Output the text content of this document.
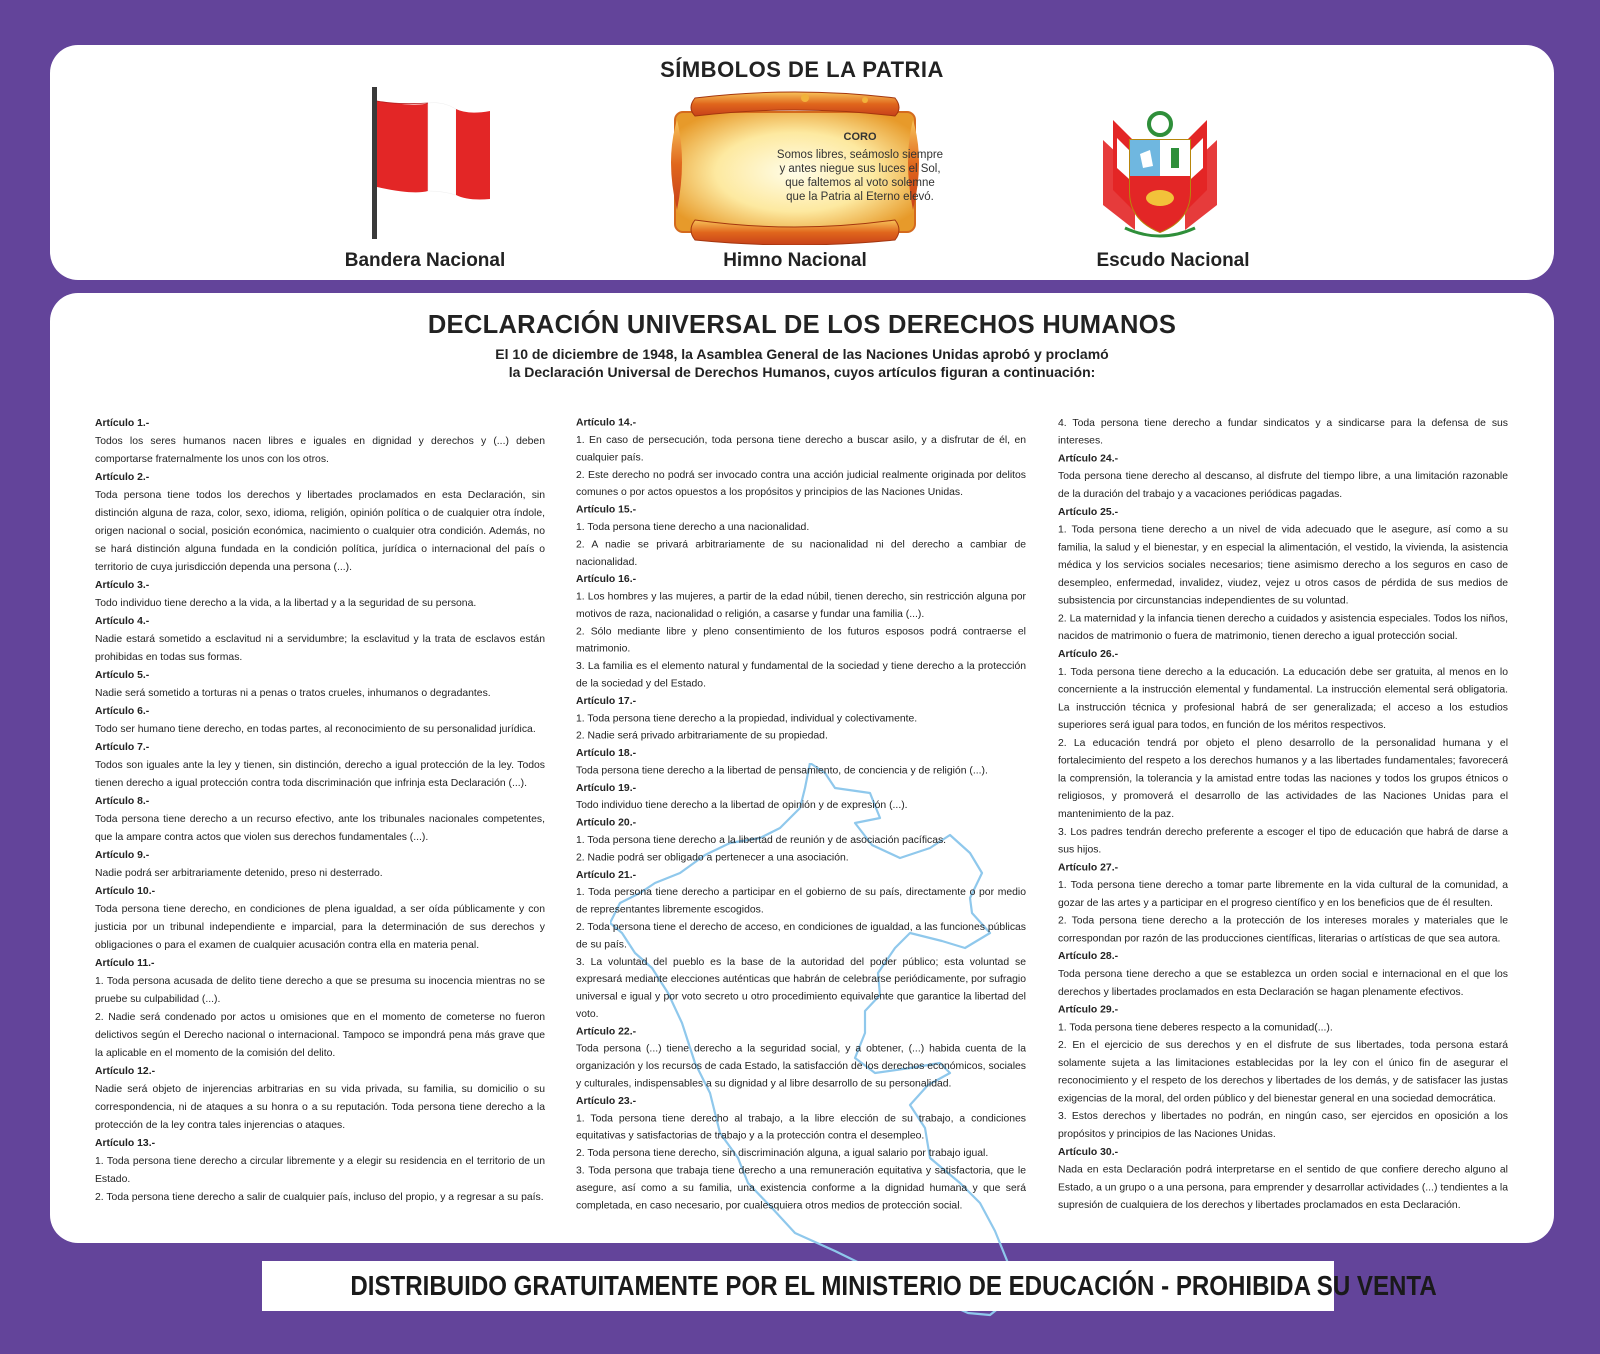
SÍMBOLOS DE LA PATRIA
CORO
Somos libres, seámoslo siempre
y antes niegue sus luces el Sol,
que faltemos al voto solemne
que la Patria al Eterno elevó.
Bandera Nacional	Himno Nacional	Escudo Nacional
DECLARACIÓN UNIVERSAL DE LOS DERECHOS HUMANOS
El 10 de diciembre de 1948, la Asamblea General de las Naciones Unidas aprobó y proclamó
la Declaración Universal de Derechos Humanos, cuyos artículos figuran a continuación:

Artículo 1.-

Todos los seres humanos nacen libres e iguales en dignidad y derechos y (...) deben comportarse fraternalmente los unos con los otros.

Artículo 2.-

Toda persona tiene todos los derechos y libertades proclamados en esta Declaración, sin distinción alguna de raza, color, sexo, idioma, religión, opinión política o de cualquier otra índole, origen nacional o social, posición económica, nacimiento o cualquier otra condición. Además, no se hará distinción alguna fundada en la condición política, jurídica o internacional del país o territorio de cuya jurisdicción dependa una persona (...).

Artículo 3.-

Todo individuo tiene derecho a la vida, a la libertad y a la seguridad de su persona.

Artículo 4.-

Nadie estará sometido a esclavitud ni a servidumbre; la esclavitud y la trata de esclavos están prohibidas en todas sus formas.

Artículo 5.-

Nadie será sometido a torturas ni a penas o tratos crueles, inhumanos o degradantes.

Artículo 6.-

Todo ser humano tiene derecho, en todas partes, al reconocimiento de su personalidad jurídica.

Artículo 7.-

Todos son iguales ante la ley y tienen, sin distinción, derecho a igual protección de la ley. Todos tienen derecho a igual protección contra toda discriminación que infrinja esta Declaración (...).

Artículo 8.-

Toda persona tiene derecho a un recurso efectivo, ante los tribunales nacionales competentes, que la ampare contra actos que violen sus derechos fundamentales (...).

Artículo 9.-

Nadie podrá ser arbitrariamente detenido, preso ni desterrado.

Artículo 10.-

Toda persona tiene derecho, en condiciones de plena igualdad, a ser oída públicamente y con justicia por un tribunal independiente e imparcial, para la determinación de sus derechos y obligaciones o para el examen de cualquier acusación contra ella en materia penal.

Artículo 11.-

1. Toda persona acusada de delito tiene derecho a que se presuma su inocencia mientras no se pruebe su culpabilidad (...).

2. Nadie será condenado por actos u omisiones que en el momento de cometerse no fueron delictivos según el Derecho nacional o internacional. Tampoco se impondrá pena más grave que la aplicable en el momento de la comisión del delito.

Artículo 12.-

Nadie será objeto de injerencias arbitrarias en su vida privada, su familia, su domicilio o su correspondencia, ni de ataques a su honra o a su reputación. Toda persona tiene derecho a la protección de la ley contra tales injerencias o ataques.

Artículo 13.-

1. Toda persona tiene derecho a circular libremente y a elegir su residencia en el territorio de un Estado.

2. Toda persona tiene derecho a salir de cualquier país, incluso del propio, y a regresar a su país.

Artículo 14.-

1. En caso de persecución, toda persona tiene derecho a buscar asilo, y a disfrutar de él, en cualquier país.

2. Este derecho no podrá ser invocado contra una acción judicial realmente originada por delitos comunes o por actos opuestos a los propósitos y principios de las Naciones Unidas.

Artículo 15.-

1. Toda persona tiene derecho a una nacionalidad.

2. A nadie se privará arbitrariamente de su nacionalidad ni del derecho a cambiar de nacionalidad.

Artículo 16.-

1. Los hombres y las mujeres, a partir de la edad núbil, tienen derecho, sin restricción alguna por motivos de raza, nacionalidad o religión, a casarse y fundar una familia (...).

2. Sólo mediante libre y pleno consentimiento de los futuros esposos podrá contraerse el matrimonio.

3. La familia es el elemento natural y fundamental de la sociedad y tiene derecho a la protección de la sociedad y del Estado.

Artículo 17.-

1. Toda persona tiene derecho a la propiedad, individual y colectivamente.

2. Nadie será privado arbitrariamente de su propiedad.

Artículo 18.-

Toda persona tiene derecho a la libertad de pensamiento, de conciencia y de religión (...).

Artículo 19.-

Todo individuo tiene derecho a la libertad de opinión y de expresión (...).

Artículo 20.-

1. Toda persona tiene derecho a la libertad de reunión y de asociación pacíficas.

2. Nadie podrá ser obligado a pertenecer a una asociación.

Artículo 21.-

1. Toda persona tiene derecho a participar en el gobierno de su país, directamente o por medio de representantes libremente escogidos.

2. Toda persona tiene el derecho de acceso, en condiciones de igualdad, a las funciones públicas de su país.

3. La voluntad del pueblo es la base de la autoridad del poder público; esta voluntad se expresará mediante elecciones auténticas que habrán de celebrarse periódicamente, por sufragio universal e igual y por voto secreto u otro procedimiento equivalente que garantice la libertad del voto.

Artículo 22.-

Toda persona (...) tiene derecho a la seguridad social, y a obtener, (...) habida cuenta de la organización y los recursos de cada Estado, la satisfacción de los derechos económicos, sociales y culturales, indispensables a su dignidad y al libre desarrollo de su personalidad.

Artículo 23.-

1. Toda persona tiene derecho al trabajo, a la libre elección de su trabajo, a condiciones equitativas y satisfactorias de trabajo y a la protección contra el desempleo.

2. Toda persona tiene derecho, sin discriminación alguna, a igual salario por trabajo igual.

3. Toda persona que trabaja tiene derecho a una remuneración equitativa y satisfactoria, que le asegure, así como a su familia, una existencia conforme a la dignidad humana y que será completada, en caso necesario, por cualesquiera otros medios de protección social.

4. Toda persona tiene derecho a fundar sindicatos y a sindicarse para la defensa de sus intereses.

Artículo 24.-

Toda persona tiene derecho al descanso, al disfrute del tiempo libre, a una limitación razonable de la duración del trabajo y a vacaciones periódicas pagadas.

Artículo 25.-

1. Toda persona tiene derecho a un nivel de vida adecuado que le asegure, así como a su familia, la salud y el bienestar, y en especial la alimentación, el vestido, la vivienda, la asistencia médica y los servicios sociales necesarios; tiene asimismo derecho a los seguros en caso de desempleo, enfermedad, invalidez, viudez, vejez u otros casos de pérdida de sus medios de subsistencia por circunstancias independientes de su voluntad.

2. La maternidad y la infancia tienen derecho a cuidados y asistencia especiales. Todos los niños, nacidos de matrimonio o fuera de matrimonio, tienen derecho a igual protección social.

Artículo 26.-

1. Toda persona tiene derecho a la educación. La educación debe ser gratuita, al menos en lo concerniente a la instrucción elemental y fundamental. La instrucción elemental será obligatoria. La instrucción técnica y profesional habrá de ser generalizada; el acceso a los estudios superiores será igual para todos, en función de los méritos respectivos.

2. La educación tendrá por objeto el pleno desarrollo de la personalidad humana y el fortalecimiento del respeto a los derechos humanos y a las libertades fundamentales; favorecerá la comprensión, la tolerancia y la amistad entre todas las naciones y todos los grupos étnicos o religiosos, y promoverá el desarrollo de las actividades de las Naciones Unidas para el mantenimiento de la paz.

3. Los padres tendrán derecho preferente a escoger el tipo de educación que habrá de darse a sus hijos.

Artículo 27.-

1. Toda persona tiene derecho a tomar parte libremente en la vida cultural de la comunidad, a gozar de las artes y a participar en el progreso científico y en los beneficios que de él resulten.

2. Toda persona tiene derecho a la protección de los intereses morales y materiales que le correspondan por razón de las producciones científicas, literarias o artísticas de que sea autora.

Artículo 28.-

Toda persona tiene derecho a que se establezca un orden social e internacional en el que los derechos y libertades proclamados en esta Declaración se hagan plenamente efectivos.

Artículo 29.-

1. Toda persona tiene deberes respecto a la comunidad(...).

2. En el ejercicio de sus derechos y en el disfrute de sus libertades, toda persona estará solamente sujeta a las limitaciones establecidas por la ley con el único fin de asegurar el reconocimiento y el respeto de los derechos y libertades de los demás, y de satisfacer las justas exigencias de la moral, del orden público y del bienestar general en una sociedad democrática.

3. Estos derechos y libertades no podrán, en ningún caso, ser ejercidos en oposición a los propósitos y principios de las Naciones Unidas.

Artículo 30.-

Nada en esta Declaración podrá interpretarse en el sentido de que confiere derecho alguno al Estado, a un grupo o a una persona, para emprender y desarrollar actividades (...) tendientes a la supresión de cualquiera de los derechos y libertades proclamados en esta Declaración.

DISTRIBUIDO GRATUITAMENTE POR EL MINISTERIO DE EDUCACIÓN - PROHIBIDA SU VENTA
